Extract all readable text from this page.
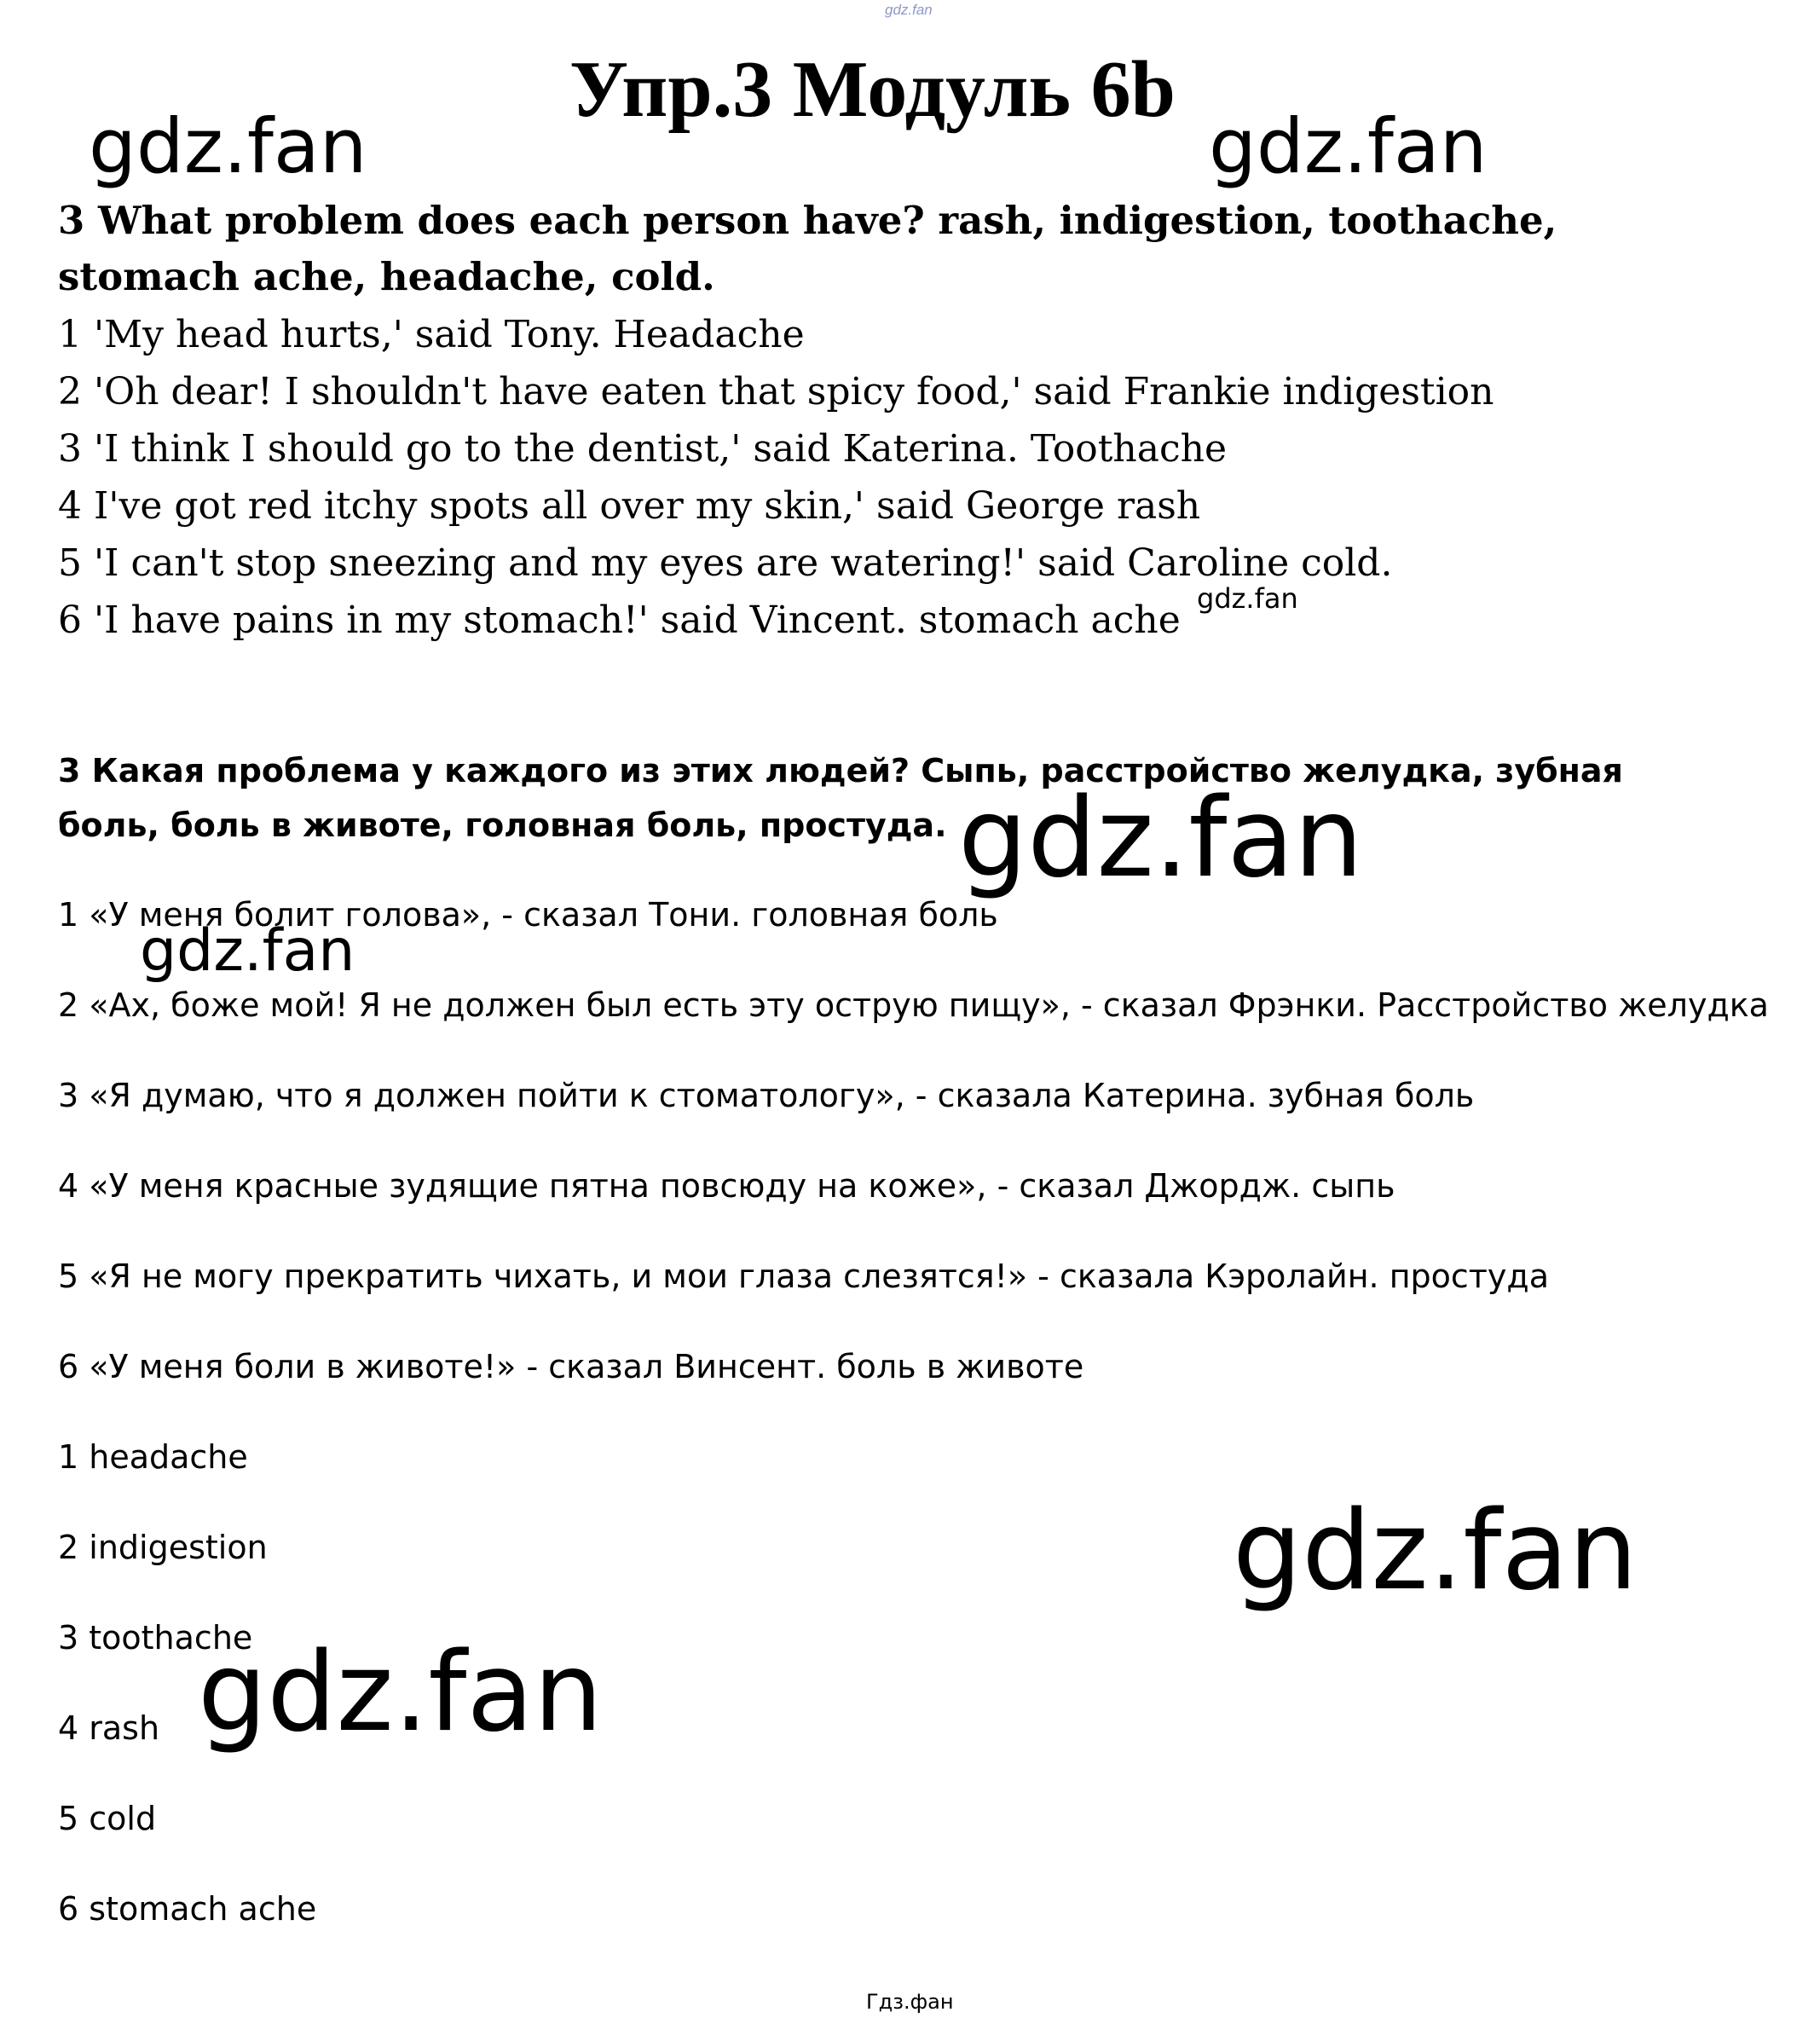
gdz.fan
Упр.3 Модуль 6b
gdz.fan	gdz.fan

3 What problem does each person have? rash, indigestion, toothache, stomach ache, headache, cold.

1 'My head hurts,' said Tony. Headache
2 'Oh dear! I shouldn't have eaten that spicy food,' said Frankie indigestion
3 'I think I should go to the dentist,' said Katerina. Toothache
4 I've got red itchy spots all over my skin,' said George rash
5 'I can't stop sneezing and my eyes are watering!' said Caroline cold.
6 'I have pains in my stomach!' said Vincent. stomach ache gdz.fan

3 Какая проблема у каждого из этих людей? Сыпь, расстройство желудка, зубная боль, боль в животе, головная боль, простуда.

1 «У меня болит голова», - сказал Тони. головная боль
2 «Ах, боже мой! Я не должен был есть эту острую пищу», - сказал Фрэнки. Расстройство желудка
3 «Я думаю, что я должен пойти к стоматологу», - сказала Катерина. зубная боль
4 «У меня красные зудящие пятна повсюду на коже», - сказал Джордж. сыпь
5 «Я не могу прекратить чихать, и мои глаза слезятся!» - сказала Кэролайн. простуда
6 «У меня боли в животе!» - сказал Винсент. боль в животе
gdz.fan
gdz.fan
1 headache
2 indigestion
3 toothache
4 rash
5 cold
6 stomach ache
gdz.fan
gdz.fan
Гдз.фан
